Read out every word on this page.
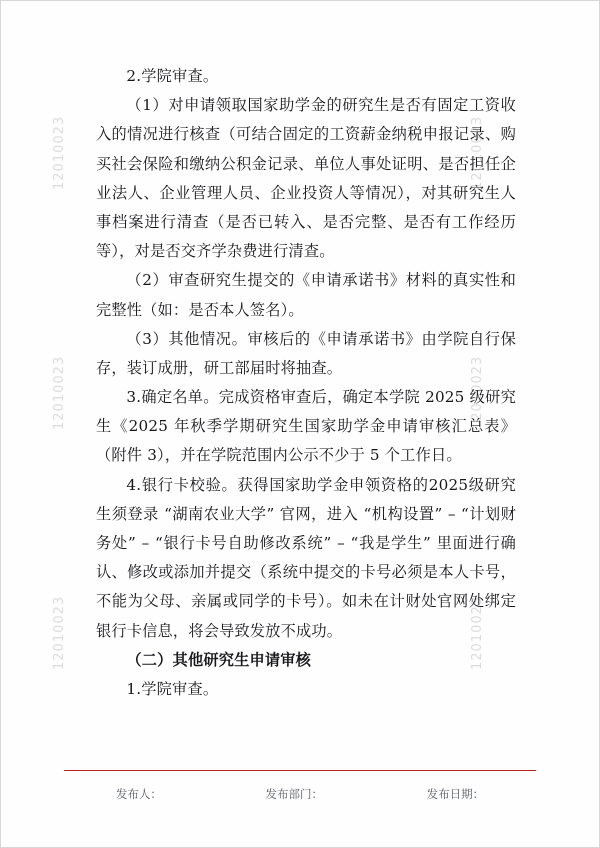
12010023
12010023
12010023
12010023
12010023
12010023

2.学院审查。

（1）对申请领取国家助学金的研究生是否有固定工资收入的情况进行核查（可结合固定的工资薪金纳税申报记录、购买社会保险和缴纳公积金记录、单位人事处证明、是否担任企业法人、企业管理人员、企业投资人等情况），对其研究生人事档案进行清查（是否已转入、是否完整、是否有工作经历等），对是否交齐学杂费进行清查。

（2）审查研究生提交的《申请承诺书》材料的真实性和完整性（如：是否本人签名）。

（3）其他情况。审核后的《申请承诺书》由学院自行保存，装订成册，研工部届时将抽查。

3.确定名单。完成资格审查后，确定本学院 2025 级研究生《2025 年秋季学期研究生国家助学金申请审核汇总表》（附件 3），并在学院范围内公示不少于 5 个工作日。

4.银行卡校验。获得国家助学金申领资格的2025级研究生须登录 “湖南农业大学” 官网，进入 “机构设置” – “计划财务处” – “银行卡号自助修改系统” – “我是学生” 里面进行确认、修改或添加并提交（系统中提交的卡号必须是本人卡号，不能为父母、亲属或同学的卡号）。如未在计财处官网处绑定银行卡信息，将会导致发放不成功。

（二）其他研究生申请审核

1.学院审查。

发布人：	发布部门：	发布日期：
